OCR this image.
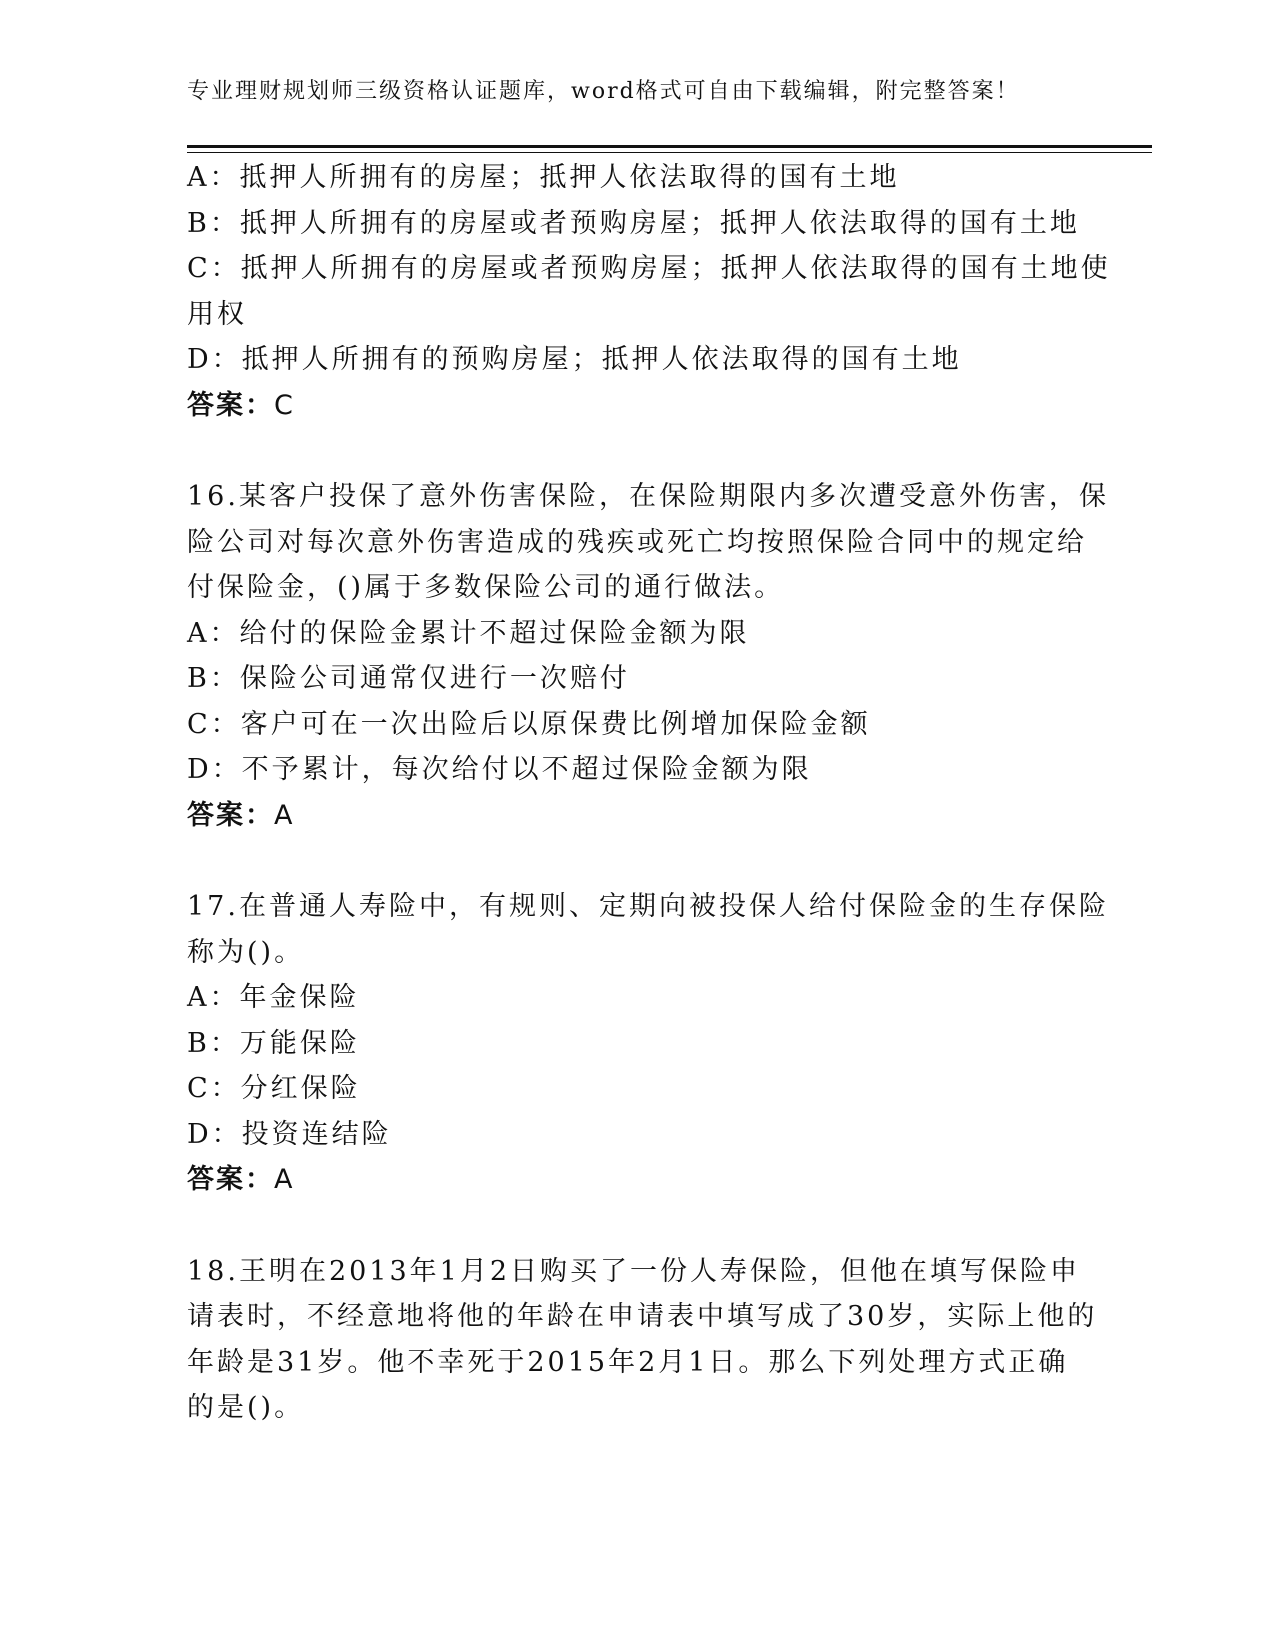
专业理财规划师三级资格认证题库，word格式可自由下载编辑，附完整答案！
A：抵押人所拥有的房屋；抵押人依法取得的国有土地
B：抵押人所拥有的房屋或者预购房屋；抵押人依法取得的国有土地
C：抵押人所拥有的房屋或者预购房屋；抵押人依法取得的国有土地使
用权
D：抵押人所拥有的预购房屋；抵押人依法取得的国有土地
答案：C
16.某客户投保了意外伤害保险，在保险期限内多次遭受意外伤害，保
险公司对每次意外伤害造成的残疾或死亡均按照保险合同中的规定给
付保险金，()属于多数保险公司的通行做法。
A：给付的保险金累计不超过保险金额为限
B：保险公司通常仅进行一次赔付
C：客户可在一次出险后以原保费比例增加保险金额
D：不予累计，每次给付以不超过保险金额为限
答案：A
17.在普通人寿险中，有规则、定期向被投保人给付保险金的生存保险
称为()。
A：年金保险
B：万能保险
C：分红保险
D：投资连结险
答案：A
18.王明在2013年1月2日购买了一份人寿保险，但他在填写保险申
请表时，不经意地将他的年龄在申请表中填写成了30岁，实际上他的
年龄是31岁。他不幸死于2015年2月1日。那么下列处理方式正确
的是()。
